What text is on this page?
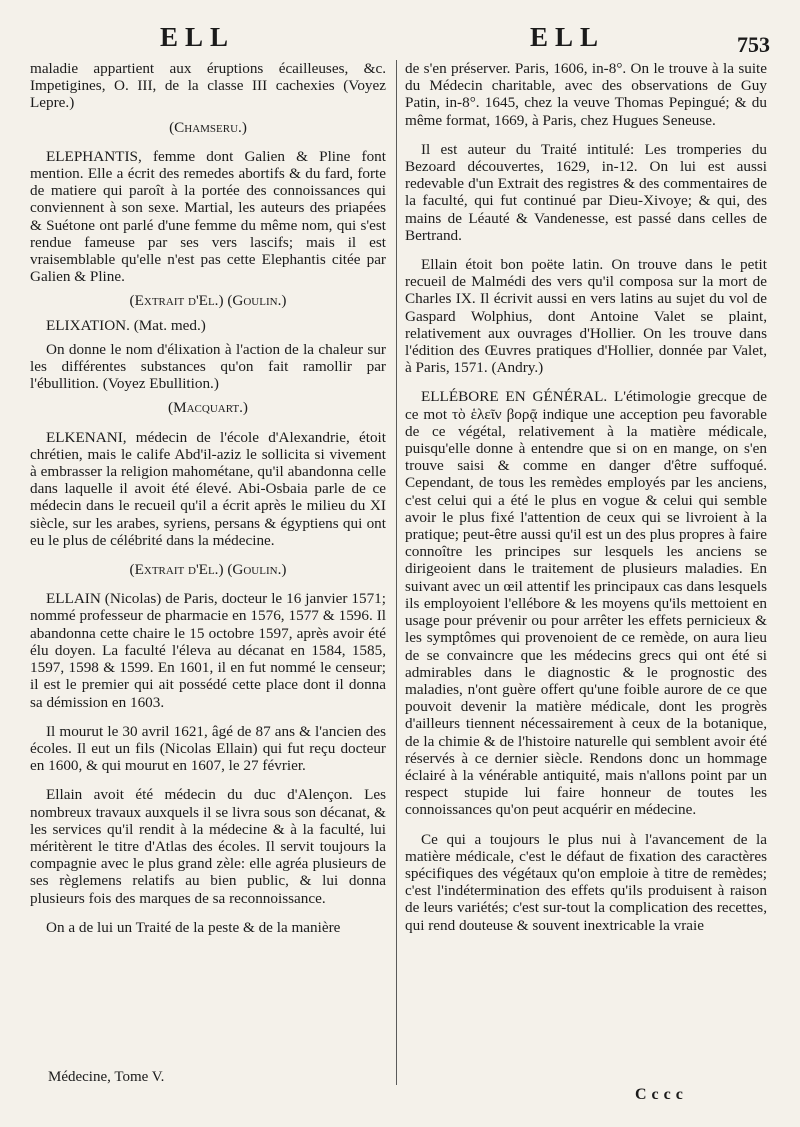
ELL	ELL	753

maladie appartient aux éruptions écailleuses, &c. Impetigines, O. III, de la classe III cachexies (Voyez Lepre.)

(Chamseru.)

ELEPHANTIS, femme dont Galien & Pline font mention. Elle a écrit des remedes abortifs & du fard, forte de matiere qui paroît à la portée des connoissances qui conviennent à son sexe. Martial, les auteurs des priapées & Suétone ont parlé d'une femme du même nom, qui s'est rendue fameuse par ses vers lascifs; mais il est vraisemblable qu'elle n'est pas cette Elephantis citée par Galien & Pline.

(Extrait d'El.) (Goulin.)

ELIXATION. (Mat. med.)

On donne le nom d'élixation à l'action de la chaleur sur les différentes substances qu'on fait ramollir par l'ébullition. (Voyez Ebullition.)

(Macquart.)

ELKENANI, médecin de l'école d'Alexandrie, étoit chrétien, mais le calife Abd'il-aziz le sollicita si vivement à embrasser la religion mahométane, qu'il abandonna celle dans laquelle il avoit été élevé. Abi-Osbaia parle de ce médecin dans le recueil qu'il a écrit après le milieu du XI siècle, sur les arabes, syriens, persans & égyptiens qui ont eu le plus de célébrité dans la médecine.

(Extrait d'El.) (Goulin.)

ELLAIN (Nicolas) de Paris, docteur le 16 janvier 1571; nommé professeur de pharmacie en 1576, 1577 & 1596. Il abandonna cette chaire le 15 octobre 1597, après avoir été élu doyen. La faculté l'éleva au décanat en 1584, 1585, 1597, 1598 & 1599. En 1601, il en fut nommé le censeur; il est le premier qui ait possédé cette place dont il donna sa démission en 1603.

Il mourut le 30 avril 1621, âgé de 87 ans & l'ancien des écoles. Il eut un fils (Nicolas Ellain) qui fut reçu docteur en 1600, & qui mourut en 1607, le 27 février.

Ellain avoit été médecin du duc d'Alençon. Les nombreux travaux auxquels il se livra sous son décanat, & les services qu'il rendit à la médecine & à la faculté, lui méritèrent le titre d'Atlas des écoles. Il servit toujours la compagnie avec le plus grand zèle: elle agréa plusieurs de ses règlemens relatifs au bien public, & lui donna plusieurs fois des marques de sa reconnoissance.

On a de lui un Traité de la peste & de la manière

de s'en préserver. Paris, 1606, in-8°. On le trouve à la suite du Médecin charitable, avec des observations de Guy Patin, in-8°. 1645, chez la veuve Thomas Pepingué; & du même format, 1669, à Paris, chez Hugues Seneuse.

Il est auteur du Traité intitulé: Les tromperies du Bezoard découvertes, 1629, in-12. On lui est aussi redevable d'un Extrait des registres & des commentaires de la faculté, qui fut continué par Dieu-Xivoye; & qui, des mains de Léauté & Vandenesse, est passé dans celles de Bertrand.

Ellain étoit bon poëte latin. On trouve dans le petit recueil de Malmédi des vers qu'il composa sur la mort de Charles IX. Il écrivit aussi en vers latins au sujet du vol de Gaspard Wolphius, dont Antoine Valet se plaint, relativement aux ouvrages d'Hollier. On les trouve dans l'édition des Œuvres pratiques d'Hollier, donnée par Valet, à Paris, 1571. (Andry.)

ELLÉBORE EN GÉNÉRAL. L'étimologie grecque de ce mot τὸ ἑλεῖν βορᾷ indique une acception peu favorable de ce végétal, relativement à la matière médicale, puisqu'elle donne à entendre que si on en mange, on s'en trouve saisi & comme en danger d'être suffoqué. Cependant, de tous les remèdes employés par les anciens, c'est celui qui a été le plus en vogue & celui qui semble avoir le plus fixé l'attention de ceux qui se livroient à la pratique; peut-être aussi qu'il est un des plus propres à faire connoître les principes sur lesquels les anciens se dirigeoient dans le traitement de plusieurs maladies. En suivant avec un œil attentif les principaux cas dans lesquels ils employoient l'ellébore & les moyens qu'ils mettoient en usage pour prévenir ou pour arrêter les effets pernicieux & les symptômes qui provenoient de ce remède, on aura lieu de se convaincre que les médecins grecs qui ont été si admirables dans le diagnostic & le prognostic des maladies, n'ont guère offert qu'une foible aurore de ce que pouvoit devenir la matière médicale, dont les progrès d'ailleurs tiennent nécessairement à ceux de la botanique, de la chimie & de l'histoire naturelle qui semblent avoir été réservés à ce dernier siècle. Rendons donc un hommage éclairé à la vénérable antiquité, mais n'allons point par un respect stupide lui faire honneur de toutes les connoissances qu'on peut acquérir en médecine.

Ce qui a toujours le plus nui à l'avancement de la matière médicale, c'est le défaut de fixation des caractères spécifiques des végétaux qu'on emploie à titre de remèdes; c'est l'indétermination des effets qu'ils produisent à raison de leurs variétés; c'est sur-tout la complication des recettes, qui rend douteuse & souvent inextricable la vraie

Médecine, Tome V.
Cccc
